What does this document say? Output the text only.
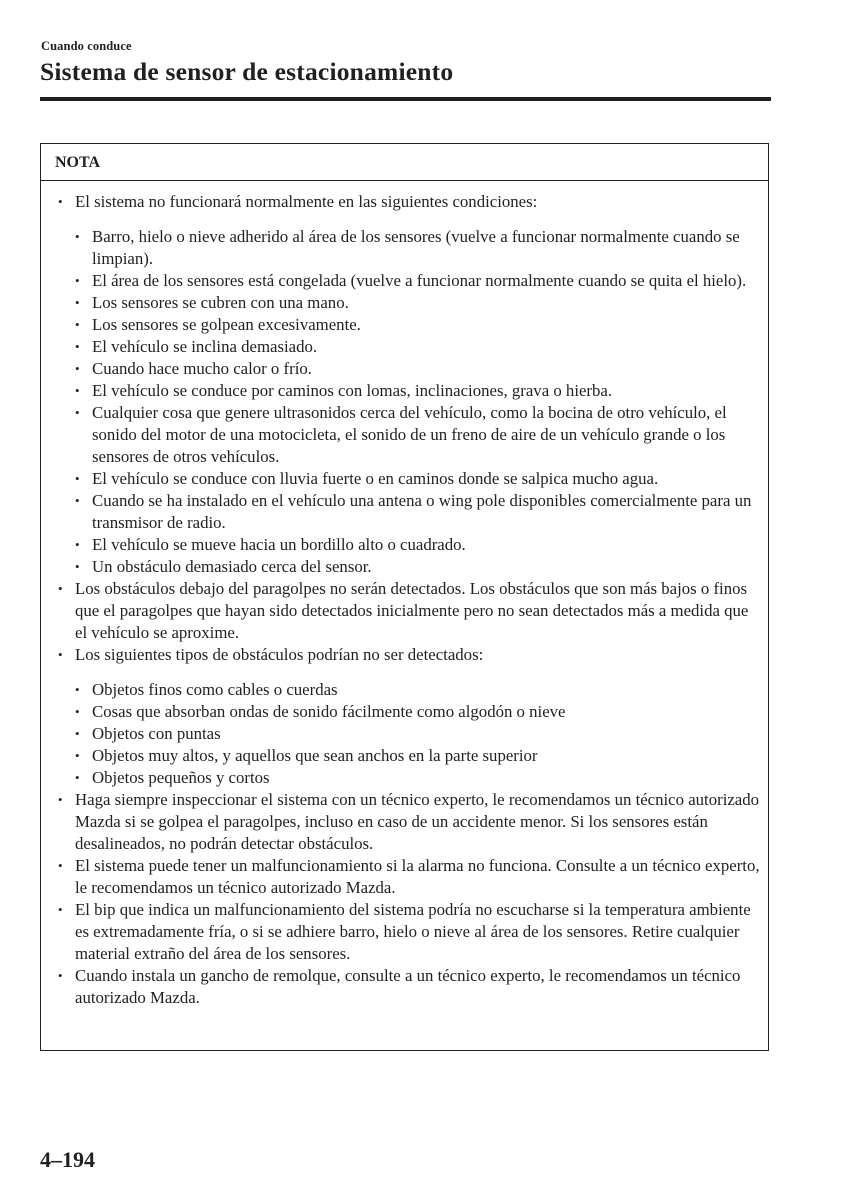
Cuando conduce
Sistema de sensor de estacionamiento
NOTA
• El sistema no funcionará normalmente en las siguientes condiciones:
• Barro, hielo o nieve adherido al área de los sensores (vuelve a funcionar normalmente cuando se limpian).
• El área de los sensores está congelada (vuelve a funcionar normalmente cuando se quita el hielo).
• Los sensores se cubren con una mano.
• Los sensores se golpean excesivamente.
• El vehículo se inclina demasiado.
• Cuando hace mucho calor o frío.
• El vehículo se conduce por caminos con lomas, inclinaciones, grava o hierba.
• Cualquier cosa que genere ultrasonidos cerca del vehículo, como la bocina de otro vehículo, el sonido del motor de una motocicleta, el sonido de un freno de aire de un vehículo grande o los sensores de otros vehículos.
• El vehículo se conduce con lluvia fuerte o en caminos donde se salpica mucho agua.
• Cuando se ha instalado en el vehículo una antena o wing pole disponibles comercialmente para un transmisor de radio.
• El vehículo se mueve hacia un bordillo alto o cuadrado.
• Un obstáculo demasiado cerca del sensor.
• Los obstáculos debajo del paragolpes no serán detectados. Los obstáculos que son más bajos o finos que el paragolpes que hayan sido detectados inicialmente pero no sean detectados más a medida que el vehículo se aproxime.
• Los siguientes tipos de obstáculos podrían no ser detectados:
• Objetos finos como cables o cuerdas
• Cosas que absorban ondas de sonido fácilmente como algodón o nieve
• Objetos con puntas
• Objetos muy altos, y aquellos que sean anchos en la parte superior
• Objetos pequeños y cortos
• Haga siempre inspeccionar el sistema con un técnico experto, le recomendamos un técnico autorizado Mazda si se golpea el paragolpes, incluso en caso de un accidente menor. Si los sensores están desalineados, no podrán detectar obstáculos.
• El sistema puede tener un malfuncionamiento si la alarma no funciona. Consulte a un técnico experto, le recomendamos un técnico autorizado Mazda.
• El bip que indica un malfuncionamiento del sistema podría no escucharse si la temperatura ambiente es extremadamente fría, o si se adhiere barro, hielo o nieve al área de los sensores. Retire cualquier material extraño del área de los sensores.
• Cuando instala un gancho de remolque, consulte a un técnico experto, le recomendamos un técnico autorizado Mazda.
4–194
